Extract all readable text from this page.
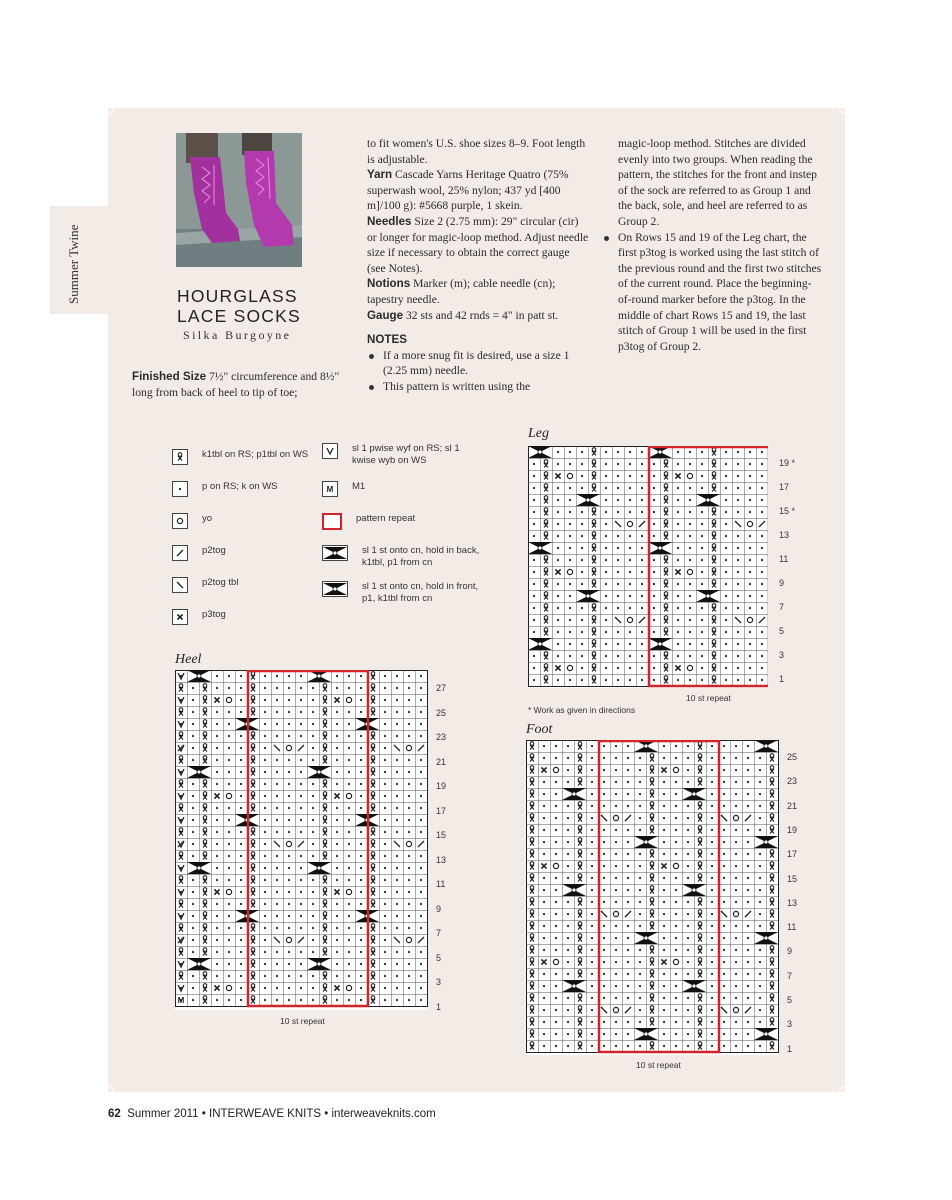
Summer Twine	HOURGLASS
LACE SOCKS
Silka Burgoyne
Finished Size 7½" circumference and 8½" long from back of heel to tip of toe;
to fit women's U.S. shoe sizes 8–9. Foot length is adjustable.
Yarn Cascade Yarns Heritage Quatro (75% superwash wool, 25% nylon; 437 yd [400 m]/100 g): #5668 purple, 1 skein.
Needles Size 2 (2.75 mm): 29" circular (cir) or longer for magic-loop method. Adjust needle size if necessary to obtain the correct gauge (see Notes).
Notions Marker (m); cable needle (cn); tapestry needle.
Gauge 32 sts and 42 rnds = 4" in patt st.
NOTES
If a more snug fit is desired, use a size 1 (2.25 mm) needle.
This pattern is written using the
magic-loop method. Stitches are divided evenly into two groups. When reading the pattern, the stitches for the front and instep of the sock are referred to as Group 1 and the back, sole, and heel are referred to as Group 2.
On Rows 15 and 19 of the Leg chart, the first p3tog is worked using the last stitch of the previous round and the first two stitches of the current round. Place the beginning-of-round marker before the p3tog. In the middle of chart Rows 15 and 19, the last stitch of Group 1 will be used in the first p3tog of Group 2.
k1tbl on RS; p1tbl on WS
p on RS; k on WS
yo
p2tog
p2tog tbl
p3tog
sl 1 pwise wyf on RS; sl 1 kwise wyb on WS
M M1
pattern repeat
sl 1 st onto cn, hold in back, k1tbl, p1 from cn
sl 1 st onto cn, hold in front, p1, k1tbl from cn
Leg
19 *
17
15 *
13
11
9
7
5
3
1
10 st repeat
* Work as given in directions
Heel
M
27
25
23
21
19
17
15
13
11
9
7
5
3
1
10 st repeat
Foot
25
23
21
19
17
15
13
11
9
7
5
3
1
10 st repeat
62 Summer 2011 • INTERWEAVE KNITS • interweaveknits.com
